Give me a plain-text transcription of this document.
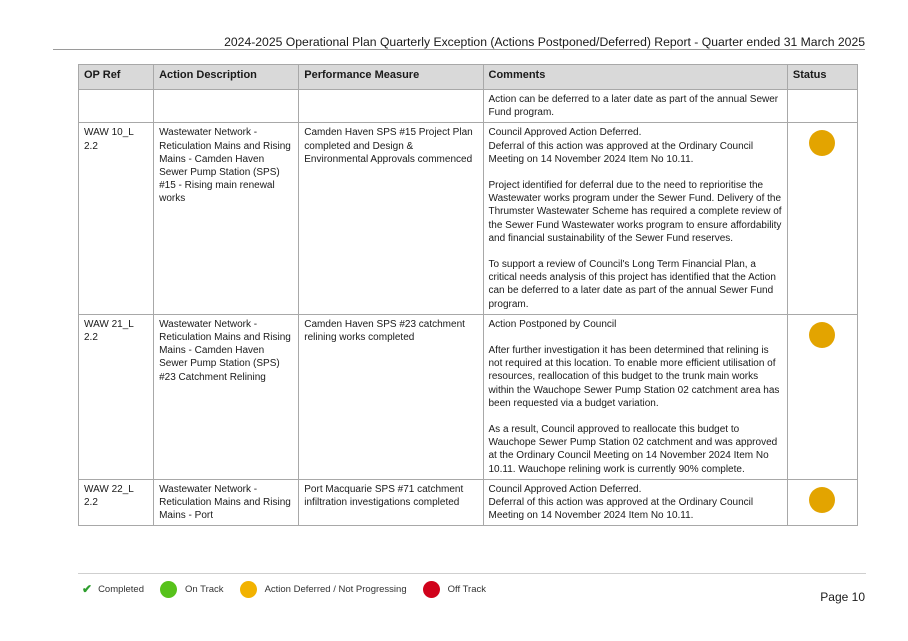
2024-2025 Operational Plan Quarterly Exception (Actions Postponed/Deferred) Report - Quarter ended 31 March 2025
OP Ref	Action Description	Performance Measure	Comments	Status

			Action can be deferred to a later date as part of the annual Sewer Fund program.	

WAW 10_L 2.2	Wastewater Network - Reticulation Mains and Rising Mains - Camden Haven Sewer Pump Station (SPS) #15 - Rising main renewal works	Camden Haven SPS #15 Project Plan completed and Design & Environmental Approvals commenced	Council Approved Action Deferred.

Deferral of this action was approved at the Ordinary Council Meeting on 14 November 2024 Item No 10.11.

Project identified for deferral due to the need to reprioritise the Wastewater works program under the Sewer Fund. Delivery of the Thrumster Wastewater Scheme has required a complete review of the Sewer Fund Wastewater works program to ensure affordability and financial sustainability of the Sewer Fund reserves.

To support a review of Council's Long Term Financial Plan, a critical needs analysis of this project has identified that the Action can be deferred to a later date as part of the annual Sewer Fund program.	

WAW 21_L 2.2	Wastewater Network - Reticulation Mains and Rising Mains - Camden Haven Sewer Pump Station (SPS) #23 Catchment Relining	Camden Haven SPS #23 catchment relining works completed	Action Postponed by Council

After further investigation it has been determined that relining is not required at this location. To enable more efficient utilisation of resources, reallocation of this budget to the trunk main works within the Wauchope Sewer Pump Station 02 catchment area has been requested via a budget variation.

As a result, Council approved to reallocate this budget to Wauchope Sewer Pump Station 02 catchment and was approved at the Ordinary Council Meeting on 14 November 2024 Item No 10.11. Wauchope relining work is currently 90% complete.	

WAW 22_L 2.2	Wastewater Network - Reticulation Mains and Rising Mains - Port	Port Macquarie SPS #71 catchment infiltration investigations completed	Council Approved Action Deferred.

Deferral of this action was approved at the Ordinary Council Meeting on 14 November 2024 Item No 10.11.	

✔ Completed	On Track	Action Deferred / Not Progressing	Off Track
Page 10
